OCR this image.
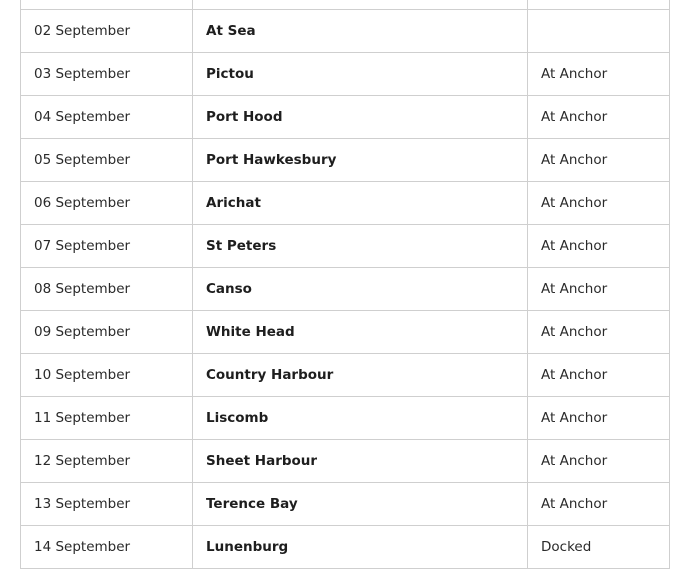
02 September	At Sea	
03 September	Pictou	At Anchor
04 September	Port Hood	At Anchor
05 September	Port Hawkesbury	At Anchor
06 September	Arichat	At Anchor
07 September	St Peters	At Anchor
08 September	Canso	At Anchor
09 September	White Head	At Anchor
10 September	Country Harbour	At Anchor
11 September	Liscomb	At Anchor
12 September	Sheet Harbour	At Anchor
13 September	Terence Bay	At Anchor
14 September	Lunenburg	Docked
